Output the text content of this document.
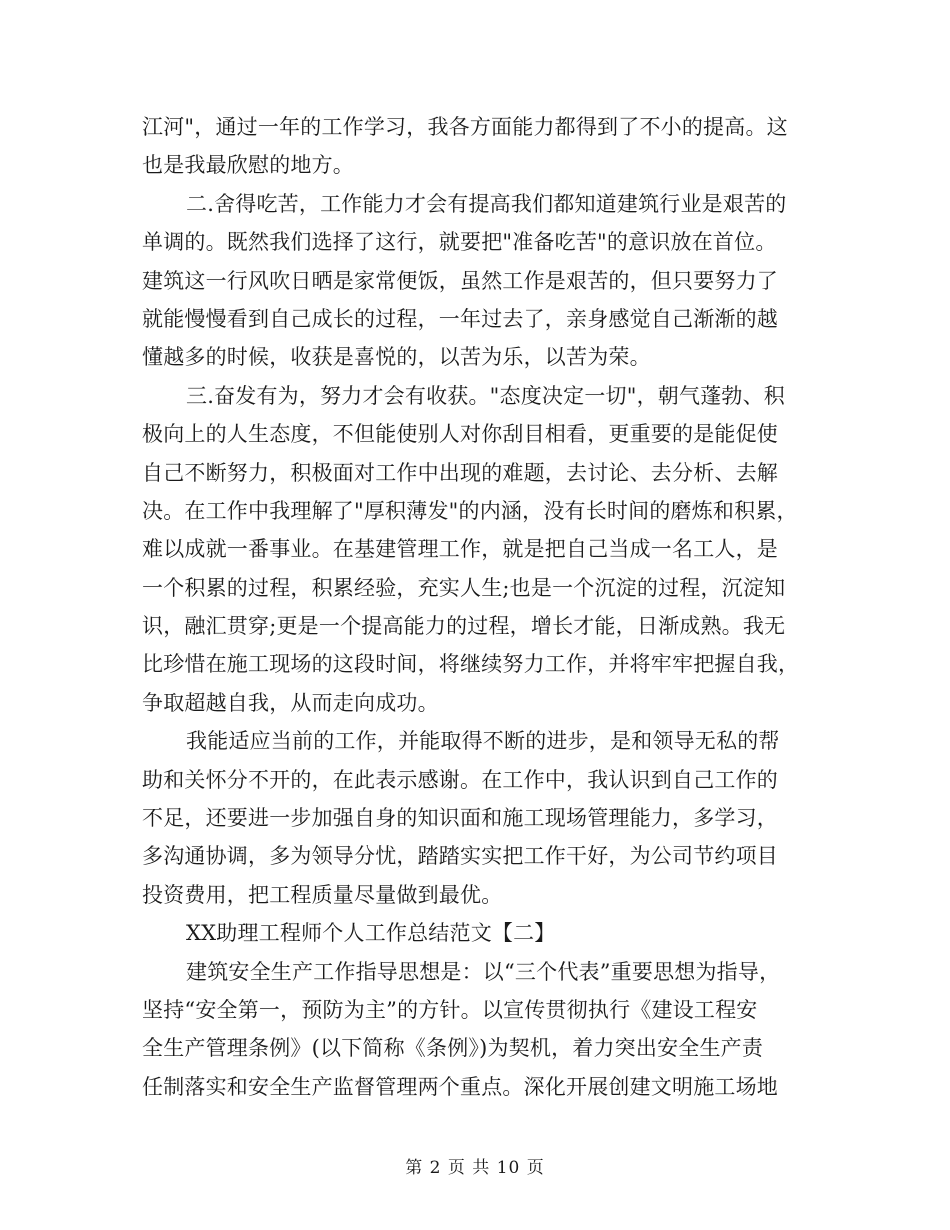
江河"，通过一年的工作学习，我各方面能力都得到了不小的提高。这
也是我最欣慰的地方。
二.舍得吃苦，工作能力才会有提高我们都知道建筑行业是艰苦的
单调的。既然我们选择了这行，就要把"准备吃苦"的意识放在首位。
建筑这一行风吹日晒是家常便饭，虽然工作是艰苦的，但只要努力了
就能慢慢看到自己成长的过程，一年过去了，亲身感觉自己渐渐的越
懂越多的时候，收获是喜悦的，以苦为乐，以苦为荣。
三.奋发有为，努力才会有收获。"态度决定一切"，朝气蓬勃、积
极向上的人生态度，不但能使别人对你刮目相看，更重要的是能促使
自己不断努力，积极面对工作中出现的难题，去讨论、去分析、去解
决。在工作中我理解了"厚积薄发"的内涵，没有长时间的磨炼和积累，
难以成就一番事业。在基建管理工作，就是把自己当成一名工人，是
一个积累的过程，积累经验，充实人生;也是一个沉淀的过程，沉淀知
识，融汇贯穿;更是一个提高能力的过程，增长才能，日渐成熟。我无
比珍惜在施工现场的这段时间，将继续努力工作，并将牢牢把握自我，
争取超越自我，从而走向成功。
我能适应当前的工作，并能取得不断的进步，是和领导无私的帮
助和关怀分不开的，在此表示感谢。在工作中，我认识到自己工作的
不足，还要进一步加强自身的知识面和施工现场管理能力，多学习，
多沟通协调，多为领导分忧，踏踏实实把工作干好，为公司节约项目
投资费用，把工程质量尽量做到最优。
XX助理工程师个人工作总结范文【二】
建筑安全生产工作指导思想是：以“三个代表”重要思想为指导，
坚持“安全第一，预防为主”的方针。以宣传贯彻执行《建设工程安
全生产管理条例》(以下简称《条例》)为契机，着力突出安全生产责
任制落实和安全生产监督管理两个重点。深化开展创建文明施工场地
第 2 页 共 10 页
